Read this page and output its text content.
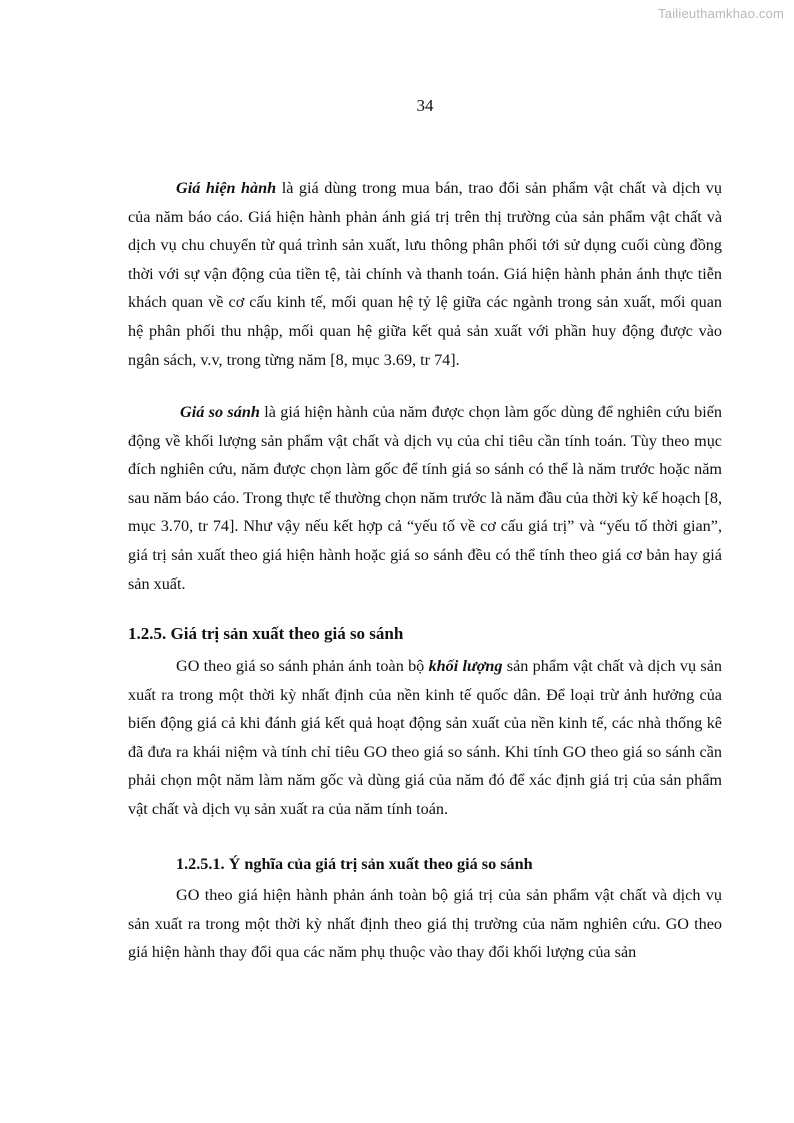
Tailieuthamkhao.com
34

Giá hiện hành là giá dùng trong mua bán, trao đổi sản phẩm vật chất và dịch vụ của năm báo cáo. Giá hiện hành phản ánh giá trị trên thị trường của sản phẩm vật chất và dịch vụ chu chuyển từ quá trình sản xuất, lưu thông phân phối tới sử dụng cuối cùng đồng thời với sự vận động của tiền tệ, tài chính và thanh toán. Giá hiện hành phản ánh thực tiễn khách quan về cơ cấu kinh tế, mối quan hệ tỷ lệ giữa các ngành trong sản xuất, mối quan hệ phân phối thu nhập, mối quan hệ giữa kết quả sản xuất với phần huy động được vào ngân sách, v.v, trong từng năm [8, mục 3.69, tr 74].

Giá so sánh là giá hiện hành của năm được chọn làm gốc dùng để nghiên cứu biến động về khối lượng sản phẩm vật chất và dịch vụ của chỉ tiêu cần tính toán. Tùy theo mục đích nghiên cứu, năm được chọn làm gốc để tính giá so sánh có thể là năm trước hoặc năm sau năm báo cáo. Trong thực tế thường chọn năm trước là năm đầu của thời kỳ kế hoạch [8, mục 3.70, tr 74]. Như vậy nếu kết hợp cả “yếu tố về cơ cấu giá trị” và “yếu tố thời gian”, giá trị sản xuất theo giá hiện hành hoặc giá so sánh đều có thể tính theo giá cơ bản hay giá sản xuất.

1.2.5. Giá trị sản xuất theo giá so sánh

GO theo giá so sánh phản ánh toàn bộ khối lượng sản phẩm vật chất và dịch vụ sản xuất ra trong một thời kỳ nhất định của nền kinh tế quốc dân. Để loại trừ ảnh hưởng của biến động giá cả khi đánh giá kết quả hoạt động sản xuất của nền kinh tế, các nhà thống kê đã đưa ra khái niệm và tính chỉ tiêu GO theo giá so sánh. Khi tính GO theo giá so sánh cần phải chọn một năm làm năm gốc và dùng giá của năm đó để xác định giá trị của sản phẩm vật chất và dịch vụ sản xuất ra của năm tính toán.

1.2.5.1. Ý nghĩa của giá trị sản xuất theo giá so sánh

GO theo giá hiện hành phản ánh toàn bộ giá trị của sản phẩm vật chất và dịch vụ sản xuất ra trong một thời kỳ nhất định theo giá thị trường của năm nghiên cứu. GO theo giá hiện hành thay đổi qua các năm phụ thuộc vào thay đổi khối lượng của sản
